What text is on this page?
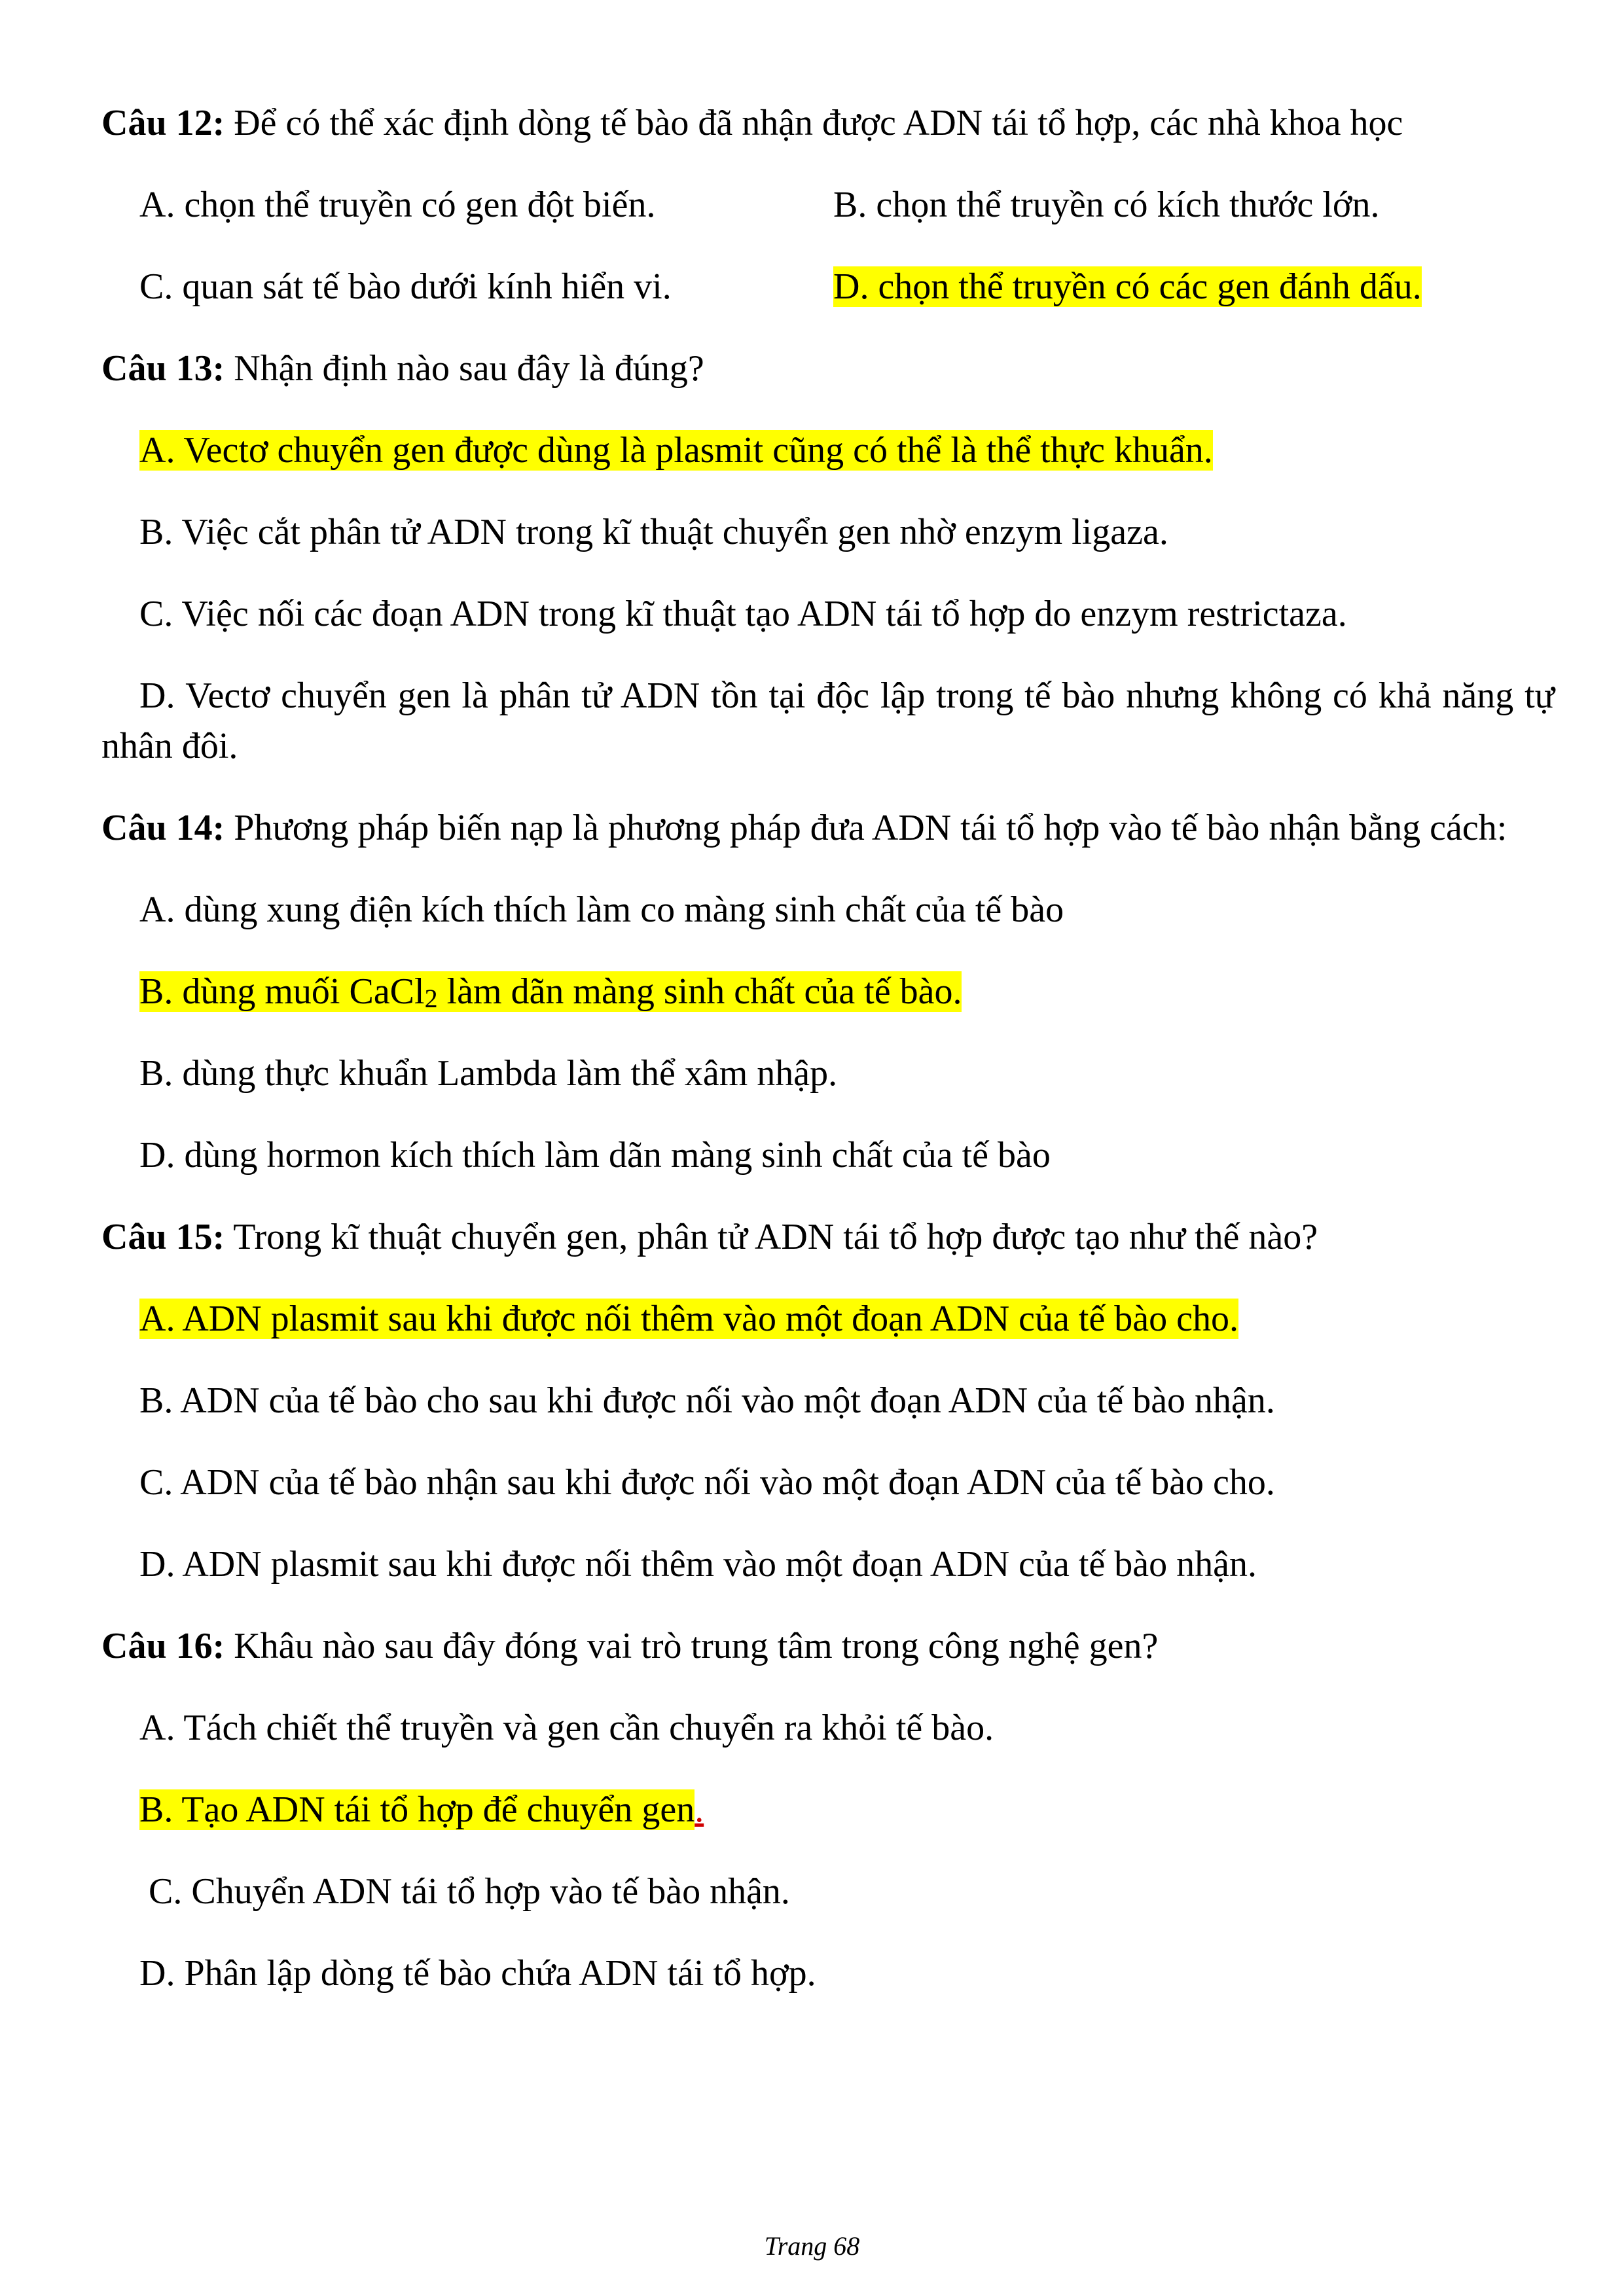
Câu 12: Để có thể xác định dòng tế bào đã nhận được ADN tái tổ hợp, các nhà khoa học
A. chọn thể truyền có gen đột biến.	B. chọn thể truyền có kích thước lớn.
C. quan sát tế bào dưới kính hiển vi.	D. chọn thể truyền có các gen đánh dấu.
Câu 13: Nhận định nào sau đây là đúng?
A. Vectơ chuyển gen được dùng là plasmit cũng có thể là thể thực khuẩn.
B. Việc cắt phân tử ADN trong kĩ thuật chuyển gen nhờ enzym ligaza.
C. Việc nối các đoạn ADN trong kĩ thuật tạo ADN tái tổ hợp do enzym restrictaza.
D. Vectơ chuyển gen là phân tử ADN tồn tại độc lập trong tế bào nhưng không có khả năng tự nhân đôi.
Câu 14: Phương pháp biến nạp là phương pháp đưa ADN tái tổ hợp vào tế bào nhận bằng cách:
A. dùng xung điện kích thích làm co màng sinh chất của tế bào
B. dùng muối CaCl2 làm dãn màng sinh chất của tế bào.
B. dùng thực khuẩn Lambda làm thể xâm nhập.
D. dùng hormon kích thích làm dãn màng sinh chất của tế bào
Câu 15: Trong kĩ thuật chuyển gen, phân tử ADN tái tổ hợp được tạo như thế nào?
A. ADN plasmit sau khi được nối thêm vào một đoạn ADN của tế bào cho.
B. ADN của tế bào cho sau khi được nối vào một đoạn ADN của tế bào nhận.
C. ADN của tế bào nhận sau khi được nối vào một đoạn ADN của tế bào cho.
D. ADN plasmit sau khi được nối thêm vào một đoạn ADN của tế bào nhận.
Câu 16: Khâu nào sau đây đóng vai trò trung tâm trong công nghệ gen?
A. Tách chiết thể truyền và gen cần chuyển ra khỏi tế bào.
B. Tạo ADN tái tổ hợp để chuyển gen.
C. Chuyển ADN tái tổ hợp vào tế bào nhận.
D. Phân lập dòng tế bào chứa ADN tái tổ hợp.
Trang 68
